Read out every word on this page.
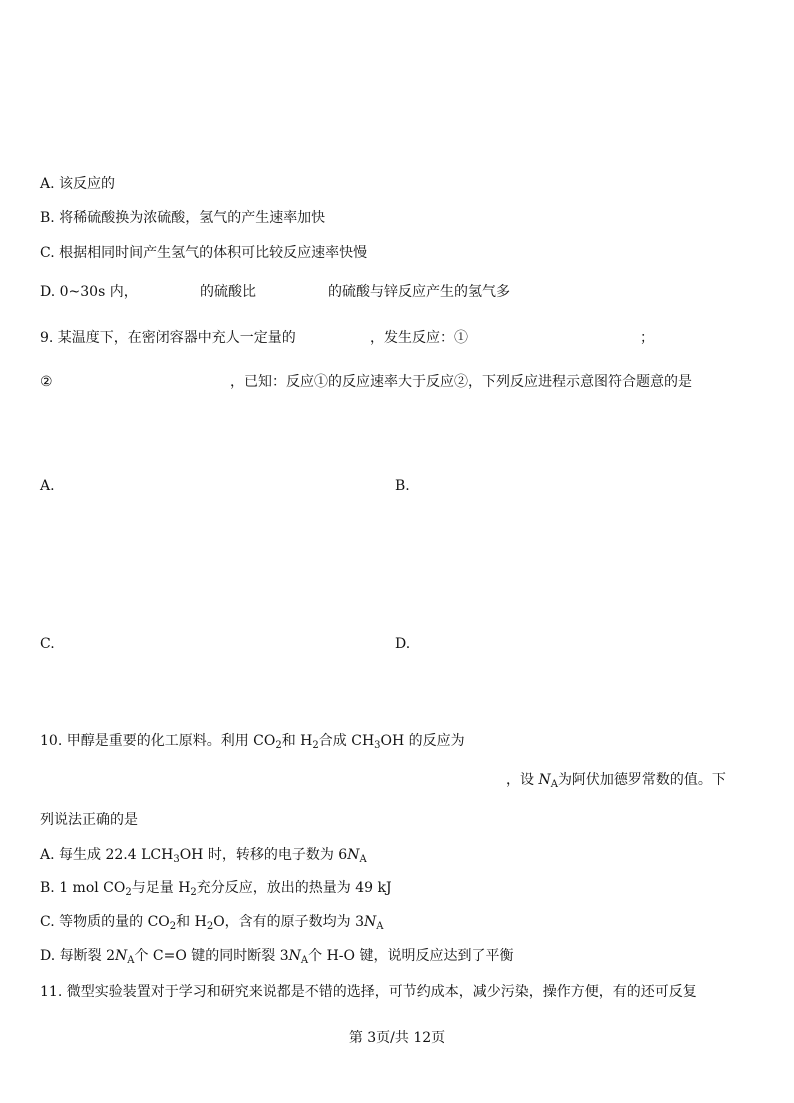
A. 该反应的
B. 将稀硫酸换为浓硫酸，氢气的产生速率加快
C. 根据相同时间产生氢气的体积可比较反应速率快慢
D. 0~30s 内，	的硫酸比	的硫酸与锌反应产生的氢气多
9. 某温度下，在密闭容器中充人一定量的	，发生反应：①	；
②	，已知：反应①的反应速率大于反应②，下列反应进程示意图符合题意的是
A.	B.
C.	D.
10. 甲醇是重要的化工原料。利用 $CO_2$和 $H_2$合成 $CH_3OH$ 的反应为
，设 $N_A$为阿伏加德罗常数的值。下
列说法正确的是
A. 每生成 22.4 $LCH_3OH$ 时，转移的电子数为 $6N_A$
B. 1 mol $CO_2$与足量 $H_2$充分反应，放出的热量为 49 kJ
C. 等物质的量的 $CO_2$和 $H_2O$，含有的原子数均为 $3N_A$
D. 每断裂 $2N_A$个 C=O 键的同时断裂 $3N_A$个 H-O 键，说明反应达到了平衡
11. 微型实验装置对于学习和研究来说都是不错的选择，可节约成本，减少污染，操作方便，有的还可反复
第 3页/共 12页
